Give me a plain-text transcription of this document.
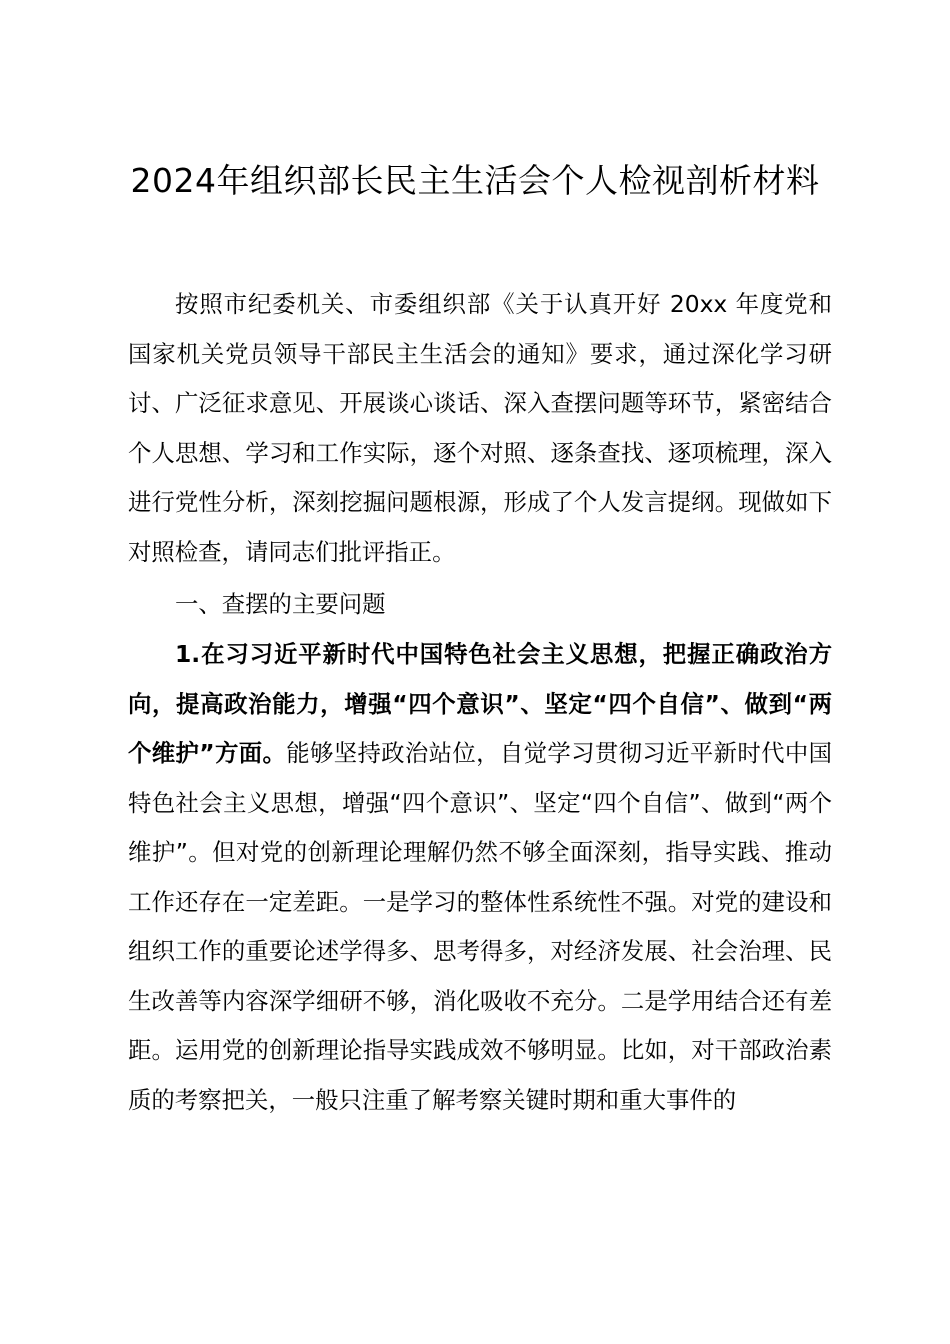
2024年组织部长民主生活会个人检视剖析材料
按照市纪委机关、市委组织部《关于认真开好 20xx 年度党和国家机关党员领导干部民主生活会的通知》要求，通过深化学习研讨、广泛征求意见、开展谈心谈话、深入查摆问题等环节，紧密结合个人思想、学习和工作实际，逐个对照、逐条查找、逐项梳理，深入进行党性分析，深刻挖掘问题根源，形成了个人发言提纲。现做如下对照检查，请同志们批评指正。
一、查摆的主要问题
1.在习习近平新时代中国特色社会主义思想，把握正确政治方向，提高政治能力，增强“四个意识”、坚定“四个自信”、做到“两个维护”方面。能够坚持政治站位，自觉学习贯彻习近平新时代中国特色社会主义思想，增强“四个意识”、坚定“四个自信”、做到“两个维护”。但对党的创新理论理解仍然不够全面深刻，指导实践、推动工作还存在一定差距。一是学习的整体性系统性不强。对党的建设和组织工作的重要论述学得多、思考得多，对经济发展、社会治理、民生改善等内容深学细研不够，消化吸收不充分。二是学用结合还有差距。运用党的创新理论指导实践成效不够明显。比如，对干部政治素质的考察把关，一般只注重了解考察关键时期和重大事件的
